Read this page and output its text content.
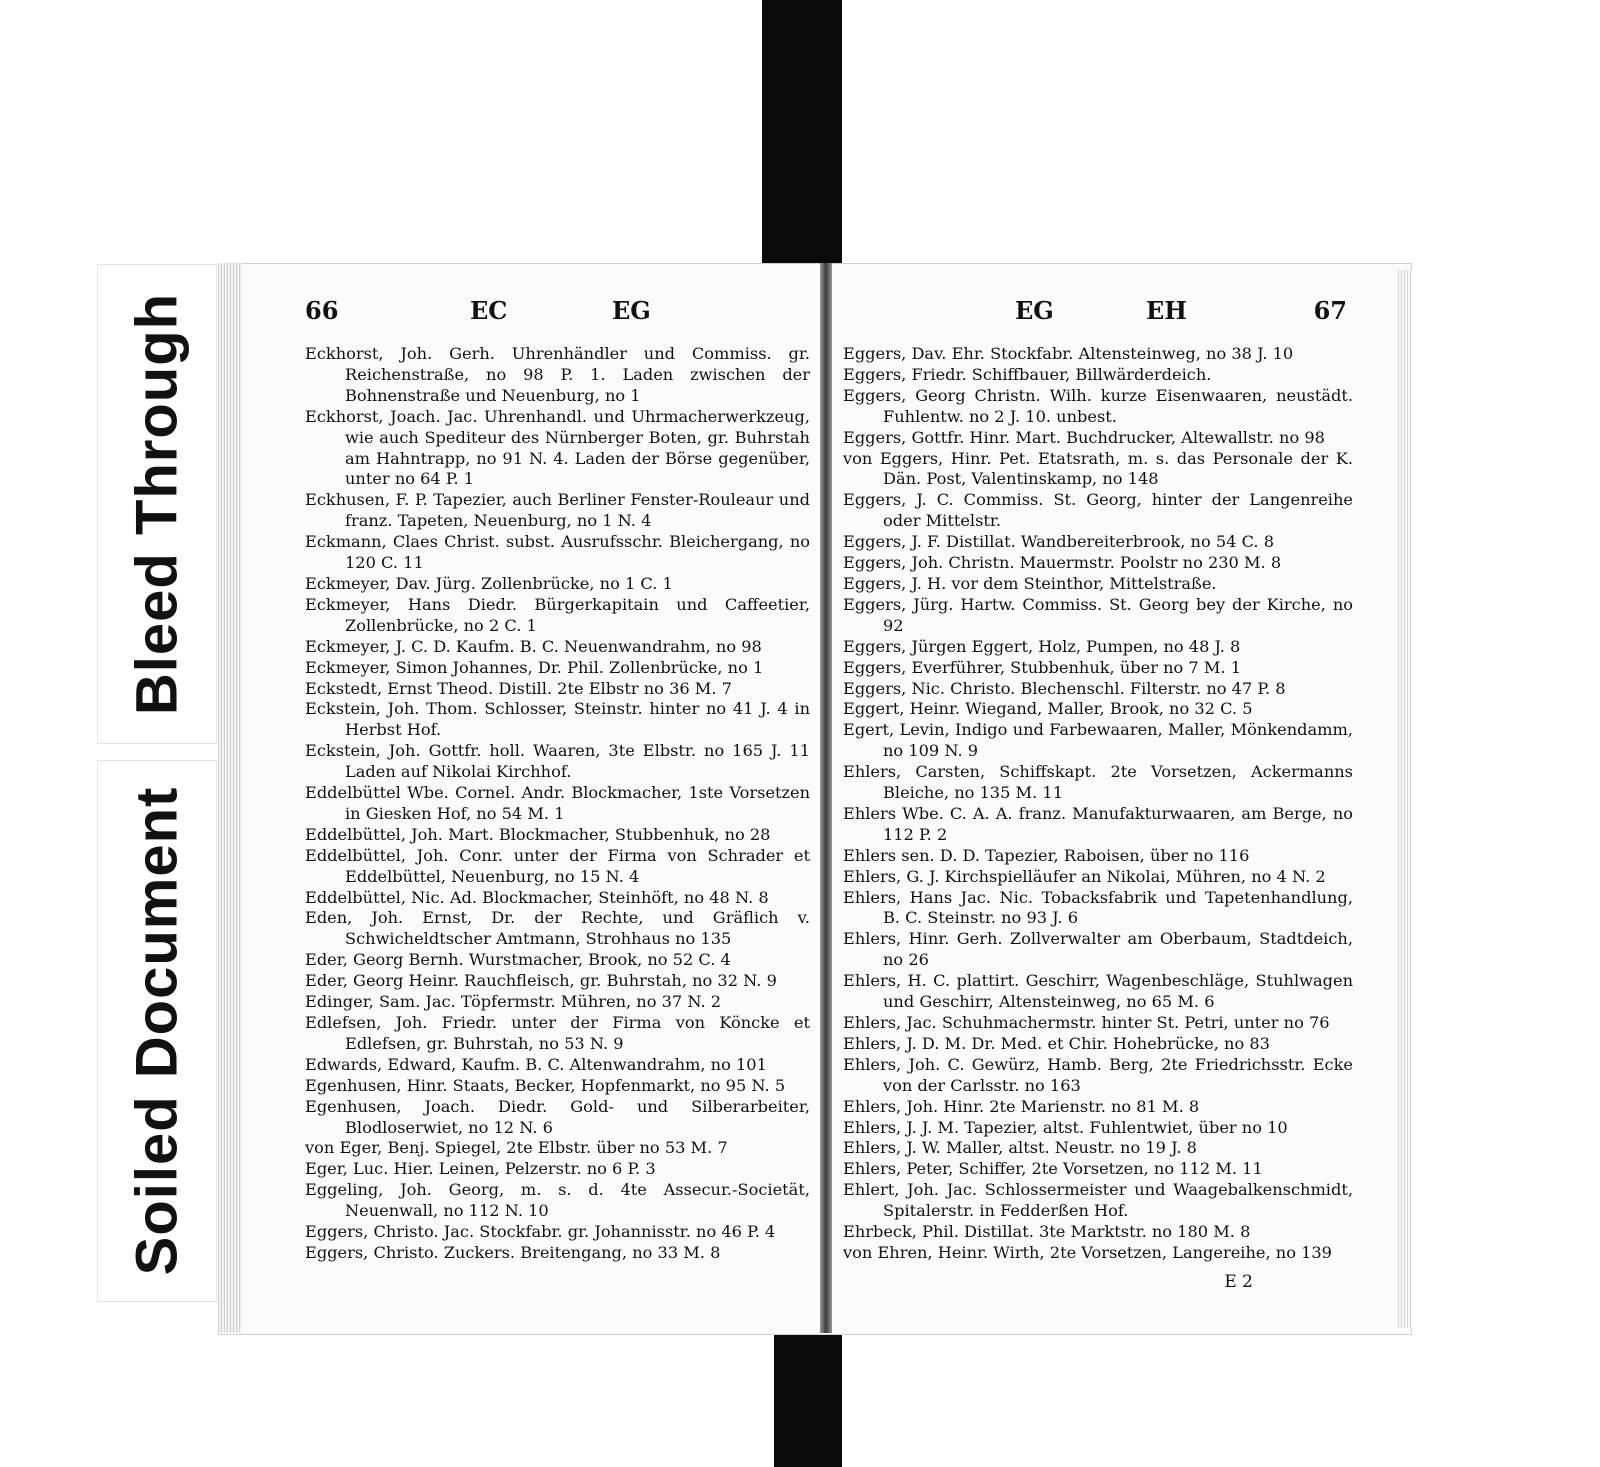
Bleed Through
Soiled Document
66	EC	EG
Eckhorst, Joh. Gerh. Uhrenhändler und Commiss. gr. Reichenstraße, no 98 P. 1. Laden zwischen der Bohnenstraße und Neuenburg, no 1
Eckhorst, Joach. Jac. Uhrenhandl. und Uhrmacherwerkzeug, wie auch Spediteur des Nürnberger Boten, gr. Buhrstah am Hahntrapp, no 91 N. 4. Laden der Börse gegenüber, unter no 64 P. 1
Eckhusen, F. P. Tapezier, auch Berliner Fenster-Rouleaur und franz. Tapeten, Neuenburg, no 1 N. 4
Eckmann, Claes Christ. subst. Ausrufsschr. Bleichergang, no 120 C. 11
Eckmeyer, Dav. Jürg. Zollenbrücke, no 1 C. 1
Eckmeyer, Hans Diedr. Bürgerkapitain und Caffeetier, Zollenbrücke, no 2 C. 1
Eckmeyer, J. C. D. Kaufm. B. C. Neuenwandrahm, no 98
Eckmeyer, Simon Johannes, Dr. Phil. Zollenbrücke, no 1
Eckstedt, Ernst Theod. Distill. 2te Elbstr no 36 M. 7
Eckstein, Joh. Thom. Schlosser, Steinstr. hinter no 41 J. 4 in Herbst Hof.
Eckstein, Joh. Gottfr. holl. Waaren, 3te Elbstr. no 165 J. 11 Laden auf Nikolai Kirchhof.
Eddelbüttel Wbe. Cornel. Andr. Blockmacher, 1ste Vorsetzen in Giesken Hof, no 54 M. 1
Eddelbüttel, Joh. Mart. Blockmacher, Stubbenhuk, no 28
Eddelbüttel, Joh. Conr. unter der Firma von Schrader et Eddelbüttel, Neuenburg, no 15 N. 4
Eddelbüttel, Nic. Ad. Blockmacher, Steinhöft, no 48 N. 8
Eden, Joh. Ernst, Dr. der Rechte, und Gräflich v. Schwicheldtscher Amtmann, Strohhaus no 135
Eder, Georg Bernh. Wurstmacher, Brook, no 52 C. 4
Eder, Georg Heinr. Rauchfleisch, gr. Buhrstah, no 32 N. 9
Edinger, Sam. Jac. Töpfermstr. Mühren, no 37 N. 2
Edlefsen, Joh. Friedr. unter der Firma von Köncke et Edlefsen, gr. Buhrstah, no 53 N. 9
Edwards, Edward, Kaufm. B. C. Altenwandrahm, no 101
Egenhusen, Hinr. Staats, Becker, Hopfenmarkt, no 95 N. 5
Egenhusen, Joach. Diedr. Gold- und Silberarbeiter, Blodloserwiet, no 12 N. 6
von Eger, Benj. Spiegel, 2te Elbstr. über no 53 M. 7
Eger, Luc. Hier. Leinen, Pelzerstr. no 6 P. 3
Eggeling, Joh. Georg, m. s. d. 4te Assecur.-Societät, Neuenwall, no 112 N. 10
Eggers, Christo. Jac. Stockfabr. gr. Johannisstr. no 46 P. 4
Eggers, Christo. Zuckers. Breitengang, no 33 M. 8
EG	EH	67
Eggers, Dav. Ehr. Stockfabr. Altensteinweg, no 38 J. 10
Eggers, Friedr. Schiffbauer, Billwärderdeich.
Eggers, Georg Christn. Wilh. kurze Eisenwaaren, neustädt. Fuhlentw. no 2 J. 10. unbest.
Eggers, Gottfr. Hinr. Mart. Buchdrucker, Altewallstr. no 98
von Eggers, Hinr. Pet. Etatsrath, m. s. das Personale der K. Dän. Post, Valentinskamp, no 148
Eggers, J. C. Commiss. St. Georg, hinter der Langenreihe oder Mittelstr.
Eggers, J. F. Distillat. Wandbereiterbrook, no 54 C. 8
Eggers, Joh. Christn. Mauermstr. Poolstr no 230 M. 8
Eggers, J. H. vor dem Steinthor, Mittelstraße.
Eggers, Jürg. Hartw. Commiss. St. Georg bey der Kirche, no 92
Eggers, Jürgen Eggert, Holz, Pumpen, no 48 J. 8
Eggers, Everführer, Stubbenhuk, über no 7 M. 1
Eggers, Nic. Christo. Blechenschl. Filterstr. no 47 P. 8
Eggert, Heinr. Wiegand, Maller, Brook, no 32 C. 5
Egert, Levin, Indigo und Farbewaaren, Maller, Mönkendamm, no 109 N. 9
Ehlers, Carsten, Schiffskapt. 2te Vorsetzen, Ackermanns Bleiche, no 135 M. 11
Ehlers Wbe. C. A. A. franz. Manufakturwaaren, am Berge, no 112 P. 2
Ehlers sen. D. D. Tapezier, Raboisen, über no 116
Ehlers, G. J. Kirchspielläufer an Nikolai, Mühren, no 4 N. 2
Ehlers, Hans Jac. Nic. Tobacksfabrik und Tapetenhandlung, B. C. Steinstr. no 93 J. 6
Ehlers, Hinr. Gerh. Zollverwalter am Oberbaum, Stadtdeich, no 26
Ehlers, H. C. plattirt. Geschirr, Wagenbeschläge, Stuhlwagen und Geschirr, Altensteinweg, no 65 M. 6
Ehlers, Jac. Schuhmachermstr. hinter St. Petri, unter no 76
Ehlers, J. D. M. Dr. Med. et Chir. Hohebrücke, no 83
Ehlers, Joh. C. Gewürz, Hamb. Berg, 2te Friedrichsstr. Ecke von der Carlsstr. no 163
Ehlers, Joh. Hinr. 2te Marienstr. no 81 M. 8
Ehlers, J. J. M. Tapezier, altst. Fuhlentwiet, über no 10
Ehlers, J. W. Maller, altst. Neustr. no 19 J. 8
Ehlers, Peter, Schiffer, 2te Vorsetzen, no 112 M. 11
Ehlert, Joh. Jac. Schlossermeister und Waagebalkenschmidt, Spitalerstr. in Fedderßen Hof.
Ehrbeck, Phil. Distillat. 3te Marktstr. no 180 M. 8
von Ehren, Heinr. Wirth, 2te Vorsetzen, Langereihe, no 139
E 2
